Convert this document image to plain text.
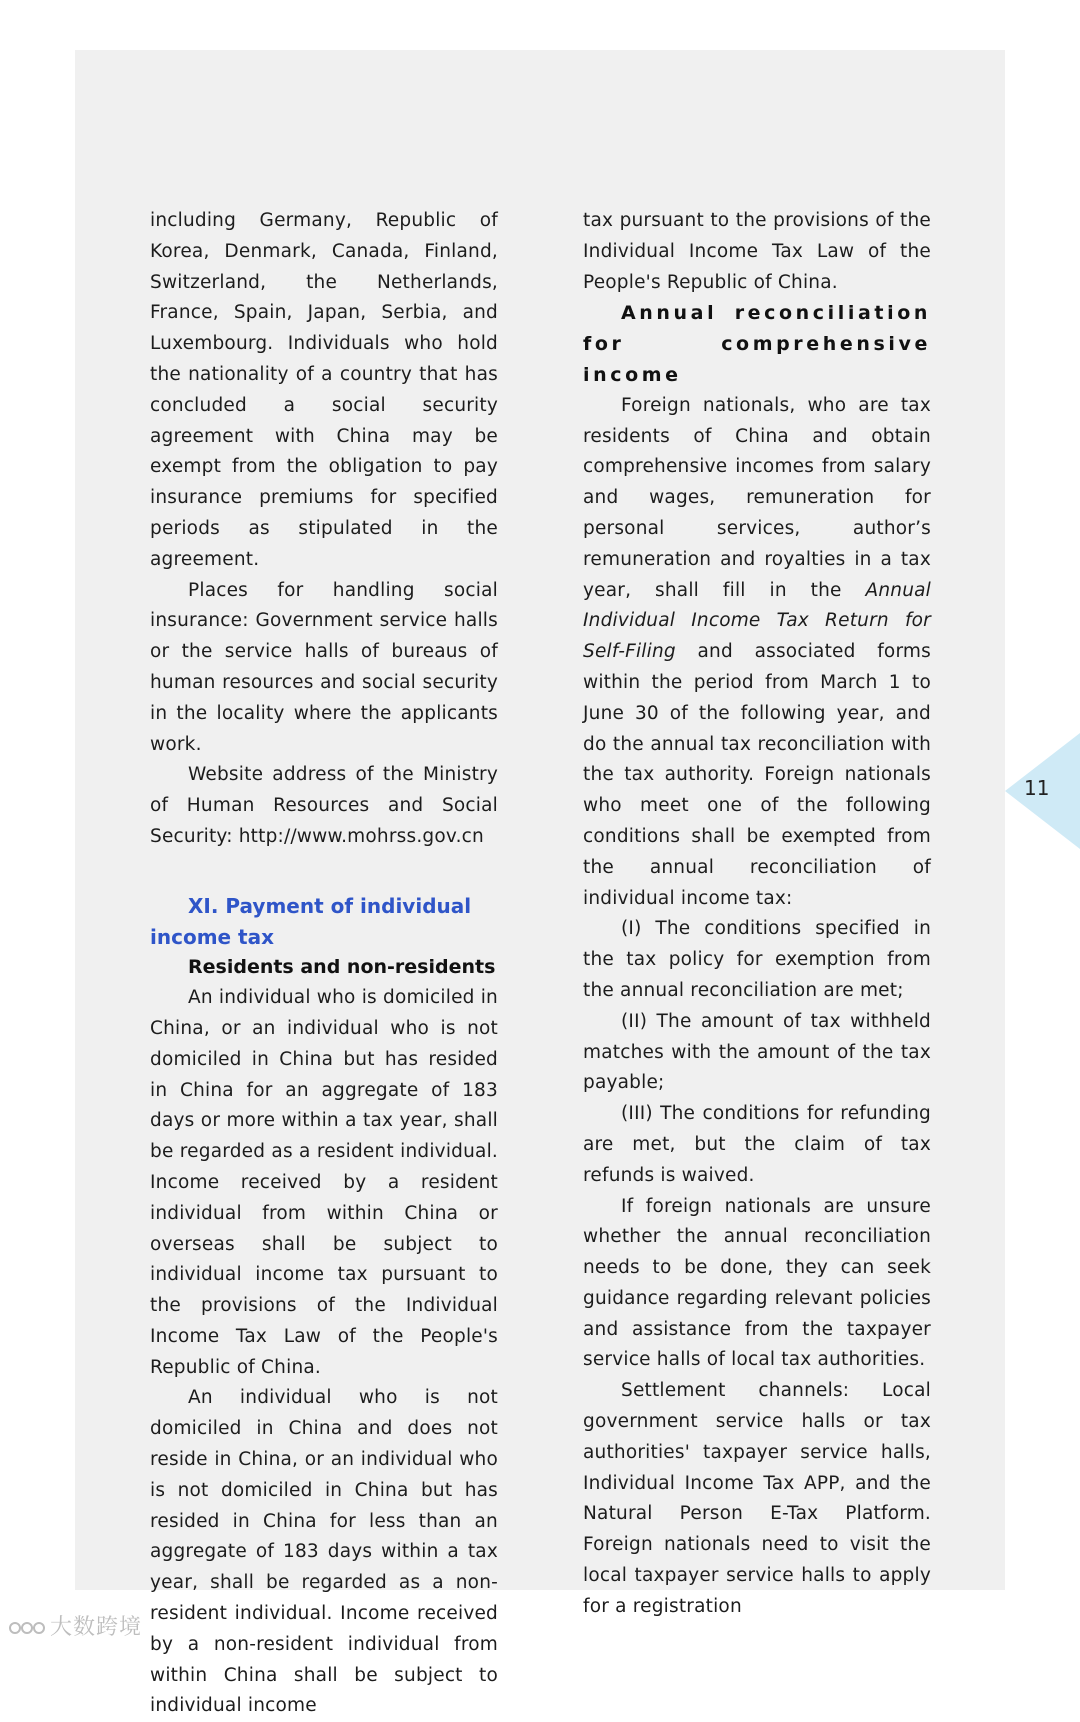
including Germany, Republic of Korea, Denmark, Canada, Finland, Switzerland, the Netherlands, France, Spain, Japan, Serbia, and Luxembourg. Individuals who hold the nationality of a country that has concluded a social security agreement with China may be exempt from the obligation to pay insurance premiums for specified periods as stipulated in the agreement.

Places for handling social insurance: Government service halls or the service halls of bureaus of human resources and social security in the locality where the applicants work.

Website address of the Ministry of Human Resources and Social Security: http://www.mohrss.gov.cn

XI. Payment of individual income tax

Residents and non-residents

An individual who is domiciled in China, or an individual who is not domiciled in China but has resided in China for an aggregate of 183 days or more within a tax year, shall be regarded as a resident individual. Income received by a resident individual from within China or overseas shall be subject to individual income tax pursuant to the provisions of the Individual Income Tax Law of the People's Republic of China.

An individual who is not domiciled in China and does not reside in China, or an individual who is not domiciled in China but has resided in China for less than an aggregate of 183 days within a tax year, shall be regarded as a non-resident individual. Income received by a non-resident individual from within China shall be subject to individual income

tax pursuant to the provisions of the Individual Income Tax Law of the People's Republic of China.

Annual reconciliation for comprehensive income

Foreign nationals, who are tax residents of China and obtain comprehensive incomes from salary and wages, remuneration for personal services, author’s remuneration and royalties in a tax year, shall fill in the Annual Individual Income Tax Return for Self-Filing and associated forms within the period from March 1 to June 30 of the following year, and do the annual tax reconciliation with the tax authority. Foreign nationals who meet one of the following conditions shall be exempted from the annual reconciliation of individual income tax:

(I) The conditions specified in the tax policy for exemption from the annual reconciliation are met;

(II) The amount of tax withheld matches with the amount of the tax payable;

(III) The conditions for refunding are met, but the claim of tax refunds is waived.

If foreign nationals are unsure whether the annual reconciliation needs to be done, they can seek guidance regarding relevant policies and assistance from the taxpayer service halls of local tax authorities.

Settlement channels: Local government service halls or tax authorities' taxpayer service halls, Individual Income Tax APP, and the Natural Person E-Tax Platform. Foreign nationals need to visit the local taxpayer service halls to apply for a registration

11
大数跨境
